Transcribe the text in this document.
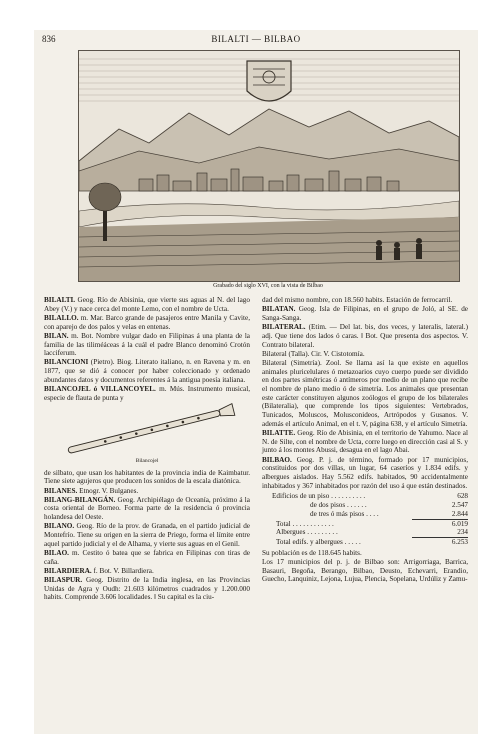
836	BILALTI — BILBAO
Grabado del siglo XVI, con la vista de Bilbao

BILALTI. Geog. Río de Abisinia, que vierte sus aguas al N. del lago Abey (V.) y nace cerca del monte Lemo, con el nombre de Ucta.

BILALLO. m. Mar. Barco grande de pasajeros entre Manila y Cavite, con aparejo de dos palos y velas en entenas.

BILAN. m. Bot. Nombre vulgar dado en Filipinas á una planta de la familia de las tiliméáceas á la cuál el padre Blanco denominó Crotón lacciferum.

BILANCIONI (Pietro). Biog. Literato italiano, n. en Ravena y m. en 1877, que se dió á conocer por haber coleccionado y ordenado abundantes datos y documentos referentes á la antigua poesía italiana.

BILANCOJEL ó VILLANCOYEL. m. Mús. Instrumento musical, especie de flauta de punta y

Bilancojel

de silbato, que usan los habitantes de la provincia india de Kaimbatur. Tiene siete agujeros que producen los sonidos de la escala diatónica.

BILANES. Etnogr. V. Bulganes.

BILANG-BILANGÁN. Geog. Archipiélago de Oceanía, próximo á la costa oriental de Borneo. Forma parte de la residencia ó provincia holandesa del Oeste.

BILANO. Geog. Río de la prov. de Granada, en el partido judicial de Montefrío. Tiene su origen en la sierra de Priego, forma el límite entre aquel partido judicial y el de Alhama, y vierte sus aguas en el Genil.

BILAO. m. Cestito ó bateа que se fabrica en Filipinas con tiras de caña.

BILARDIERA. f. Bot. V. Billardiera.

BILASPUR. Geog. Distrito de la India inglesa, en las Provincias Unidas de Agra y Oudh: 21.603 kilómetros cuadrados y 1.200.000 habits. Comprende 3.606 localidades. ‖ Su capital es la ciu-

dad del mismo nombre, con 18.560 habits. Estación de ferrocarril.

BILATAN. Geog. Isla de Filipinas, en el grupo de Joló, al SE. de Sanga-Sanga.

BILATERAL. (Etim. — Del lat. bis, dos veces, y lateralis, lateral.) adj. Que tiene dos lados ó caras. ‖ Bot. Que presenta dos aspectos. V. Contrato bilateral.

Bilateral (Talla). Cir. V. Cistotomía.

Bilateral (Simetría). Zool. Se llama así la que existe en aquellos animales pluricelulares ó metazoarios cuyo cuerpo puede ser dividido en dos partes simétricas ó antímeros por medio de un plano que recibe el nombre de plano medio ó de simetría. Los animales que presentan este carácter constituyen algunos zoólogos el grupo de los bilaterales (Bilateralia), que comprende los tipos siguientes: Vertebrados, Tunicados, Moluscos, Molusconideos, Artrópodos y Gusanos. V. además el artículo Animal, en el t. V, página 638, y el artículo Simetría.

BILATTE. Geog. Río de Abisinia, en el territorio de Yahumo. Nace al N. de Silte, con el nombre de Ucta, corre luego en dirección casi al S. y junto á los montes Abussi, desagua en el lago Abai.

BILBAO. Geog. P. j. de término, formado por 17 municipios, constituidos por dos villas, un lugar, 64 caseríos y 1.834 edifs. y albergues aislados. Hay 5.562 edifs. habitados, 90 accidentalmente inhabitados y 367 inhabitados por razón del uso á que están destinados.

Edificios de un piso . . . . . . . . . .	628
de dos pisos . . . . . .	2.547
de tres ó más pisos . . . .	2.844
Total . . . . . . . . . . . .	6.019
Albergues . . . . . . . . .	234
Total edifs. y albergues . . . . .	6.253

Su población es de 118.645 habits.

Los 17 municipios del p. j. de Bilbao son: Arrigorriaga, Barrica, Basauri, Begoña, Berango, Bilbao, Deusto, Echevarri, Erandio, Guecho, Lanquiniz, Lejona, Lujua, Plencia, Sopelana, Urdúliz y Zamu-
